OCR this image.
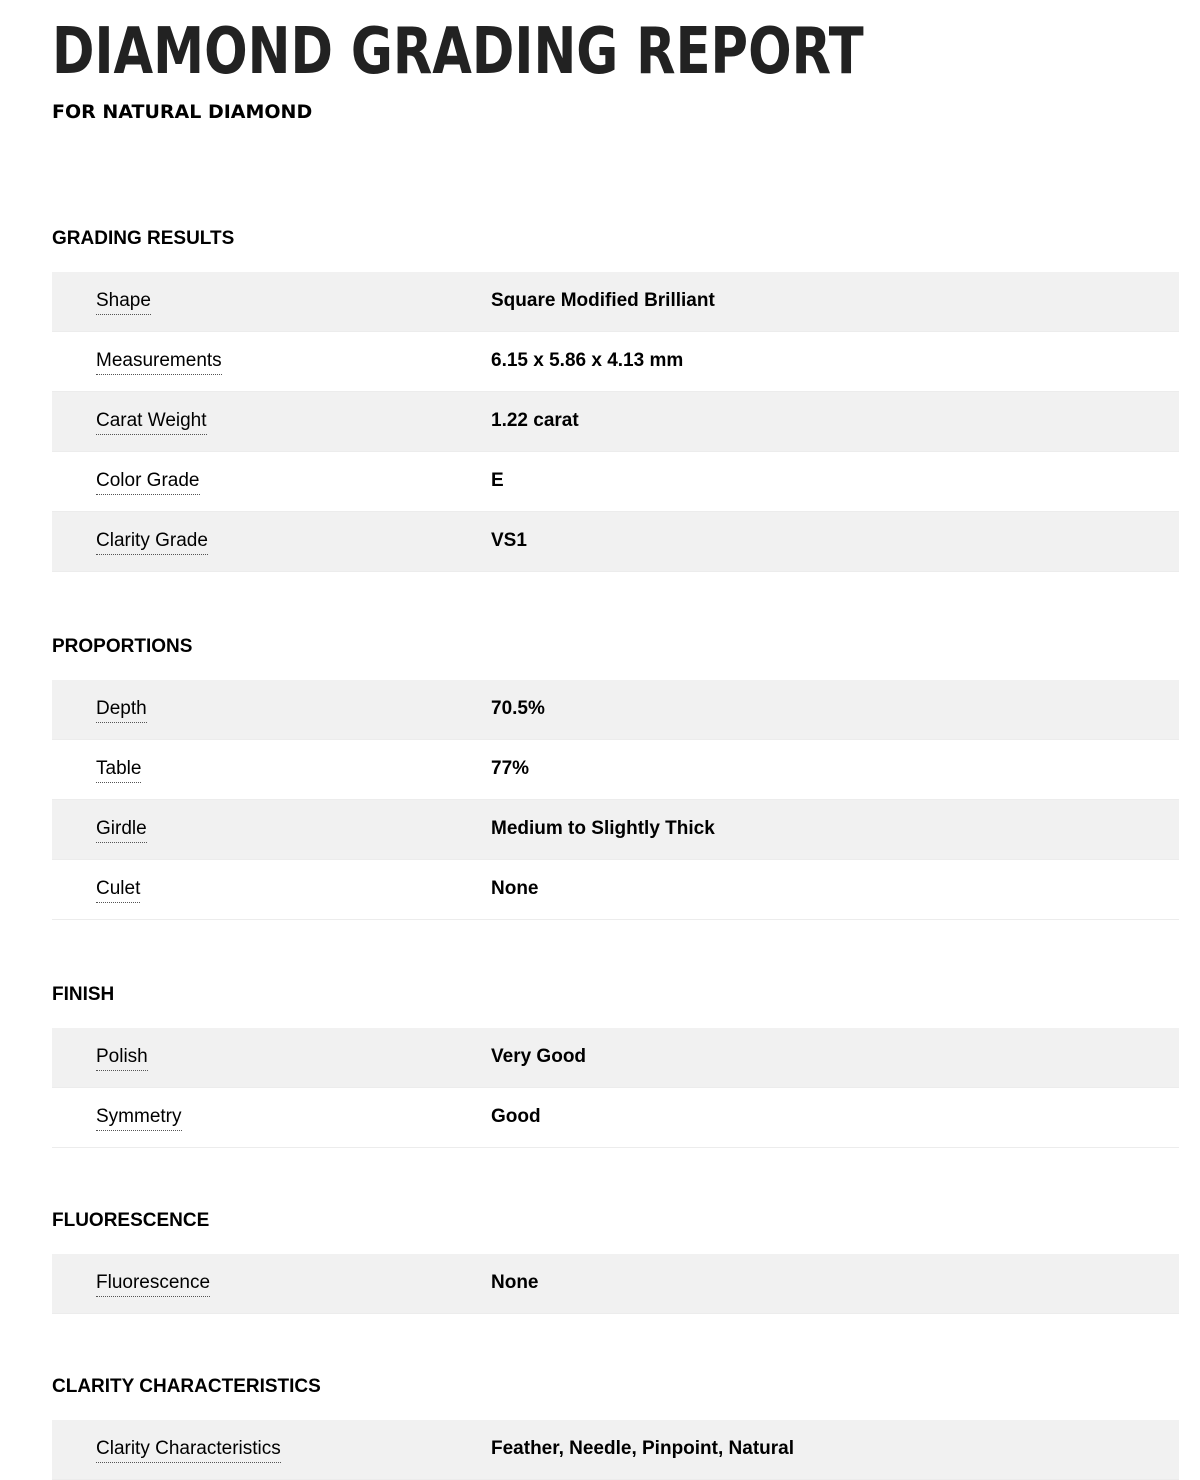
DIAMOND GRADING REPORT
FOR NATURAL DIAMOND
GRADING RESULTS
Shape	Square Modified Brilliant
Measurements	6.15 x 5.86 x 4.13 mm
Carat Weight	1.22 carat
Color Grade	E
Clarity Grade	VS1
PROPORTIONS
Depth	70.5%
Table	77%
Girdle	Medium to Slightly Thick
Culet	None
FINISH
Polish	Very Good
Symmetry	Good
FLUORESCENCE
Fluorescence	None
CLARITY CHARACTERISTICS
Clarity Characteristics	Feather, Needle, Pinpoint, Natural
